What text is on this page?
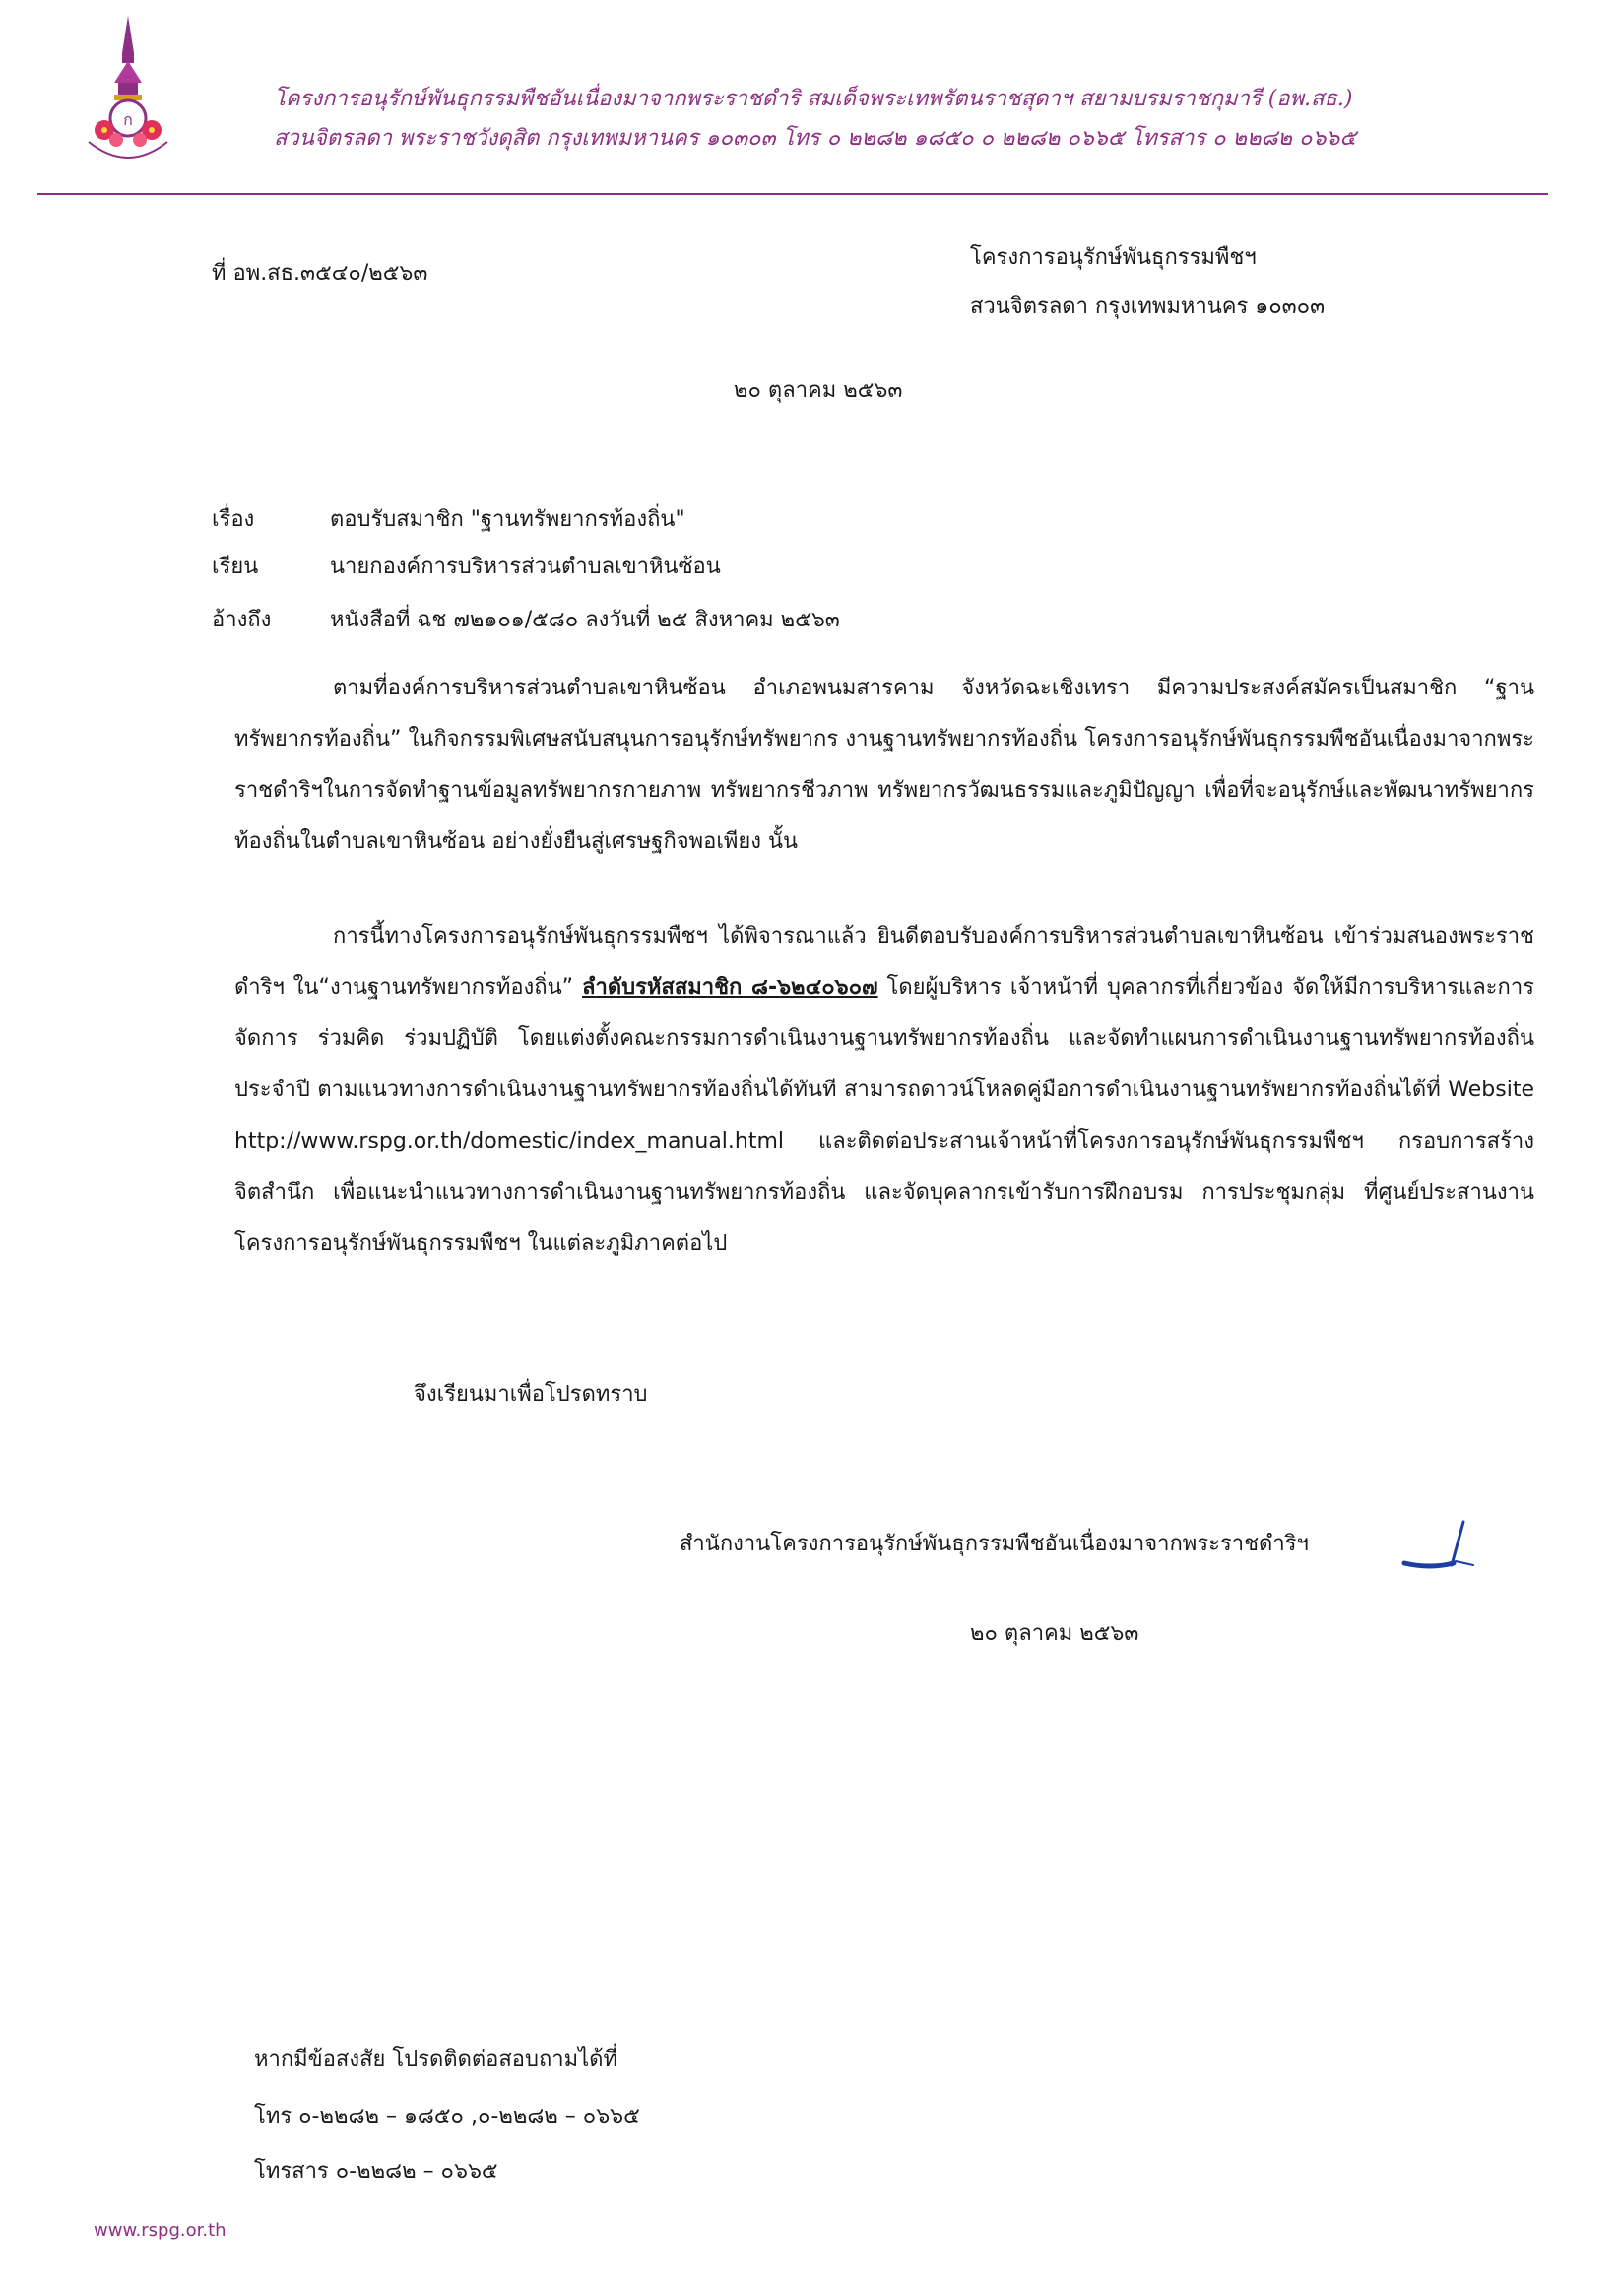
ก
โครงการอนุรักษ์พันธุกรรมพืชอันเนื่องมาจากพระราชดำริ สมเด็จพระเทพรัตนราชสุดาฯ สยามบรมราชกุมารี (อพ.สธ.)
สวนจิตรลดา พระราชวังดุสิต กรุงเทพมหานคร ๑๐๓๐๓ โทร ๐ ๒๒๘๒ ๑๘๕๐ ๐ ๒๒๘๒ ๐๖๖๕ โทรสาร ๐ ๒๒๘๒ ๐๖๖๕
ที่ อพ.สธ.๓๕๔๐/๒๕๖๓
โครงการอนุรักษ์พันธุกรรมพืชฯ
สวนจิตรลดา กรุงเทพมหานคร ๑๐๓๐๓
๒๐ ตุลาคม ๒๕๖๓
เรื่อง	ตอบรับสมาชิก "ฐานทรัพยากรท้องถิ่น"
เรียน	นายกองค์การบริหารส่วนตำบลเขาหินซ้อน
อ้างถึง	หนังสือที่ ฉช ๗๒๑๐๑/๕๘๐ ลงวันที่ ๒๕ สิงหาคม ๒๕๖๓
ตามที่องค์การบริหารส่วนตำบลเขาหินซ้อน อำเภอพนมสารคาม จังหวัดฉะเชิงเทรา มีความประสงค์สมัครเป็นสมาชิก “ฐานทรัพยากรท้องถิ่น” ในกิจกรรมพิเศษสนับสนุนการอนุรักษ์ทรัพยากร งานฐานทรัพยากรท้องถิ่น โครงการอนุรักษ์พันธุกรรมพืชอันเนื่องมาจากพระราชดำริฯในการจัดทำฐานข้อมูลทรัพยากรกายภาพ ทรัพยากรชีวภาพ ทรัพยากรวัฒนธรรมและภูมิปัญญา เพื่อที่จะอนุรักษ์และพัฒนาทรัพยากรท้องถิ่นในตำบลเขาหินซ้อน อย่างยั่งยืนสู่เศรษฐกิจพอเพียง นั้น
การนี้ทางโครงการอนุรักษ์พันธุกรรมพืชฯ ได้พิจารณาแล้ว ยินดีตอบรับองค์การบริหารส่วนตำบลเขาหินซ้อน เข้าร่วมสนองพระราชดำริฯ ใน“งานฐานทรัพยากรท้องถิ่น” ลำดับรหัสสมาชิก ๘-๖๒๔๐๖๐๗ โดยผู้บริหาร เจ้าหน้าที่ บุคลากรที่เกี่ยวข้อง จัดให้มีการบริหารและการจัดการ ร่วมคิด ร่วมปฏิบัติ โดยแต่งตั้งคณะกรรมการดำเนินงานฐานทรัพยากรท้องถิ่น และจัดทำแผนการดำเนินงานฐานทรัพยากรท้องถิ่นประจำปี ตามแนวทางการดำเนินงานฐานทรัพยากรท้องถิ่นได้ทันที สามารถดาวน์โหลดคู่มือการดำเนินงานฐานทรัพยากรท้องถิ่นได้ที่ Website http://www.rspg.or.th/domestic/index_manual.html และติดต่อประสานเจ้าหน้าที่โครงการอนุรักษ์พันธุกรรมพืชฯ กรอบการสร้างจิตสำนึก เพื่อแนะนำแนวทางการดำเนินงานฐานทรัพยากรท้องถิ่น และจัดบุคลากรเข้ารับการฝึกอบรม การประชุมกลุ่ม ที่ศูนย์ประสานงานโครงการอนุรักษ์พันธุกรรมพืชฯ ในแต่ละภูมิภาคต่อไป
จึงเรียนมาเพื่อโปรดทราบ
สำนักงานโครงการอนุรักษ์พันธุกรรมพืชอันเนื่องมาจากพระราชดำริฯ
๒๐ ตุลาคม ๒๕๖๓
หากมีข้อสงสัย โปรดติดต่อสอบถามได้ที่
โทร ๐-๒๒๘๒ – ๑๘๕๐ ,๐-๒๒๘๒ – ๐๖๖๕
โทรสาร ๐-๒๒๘๒ – ๐๖๖๕
www.rspg.or.th
